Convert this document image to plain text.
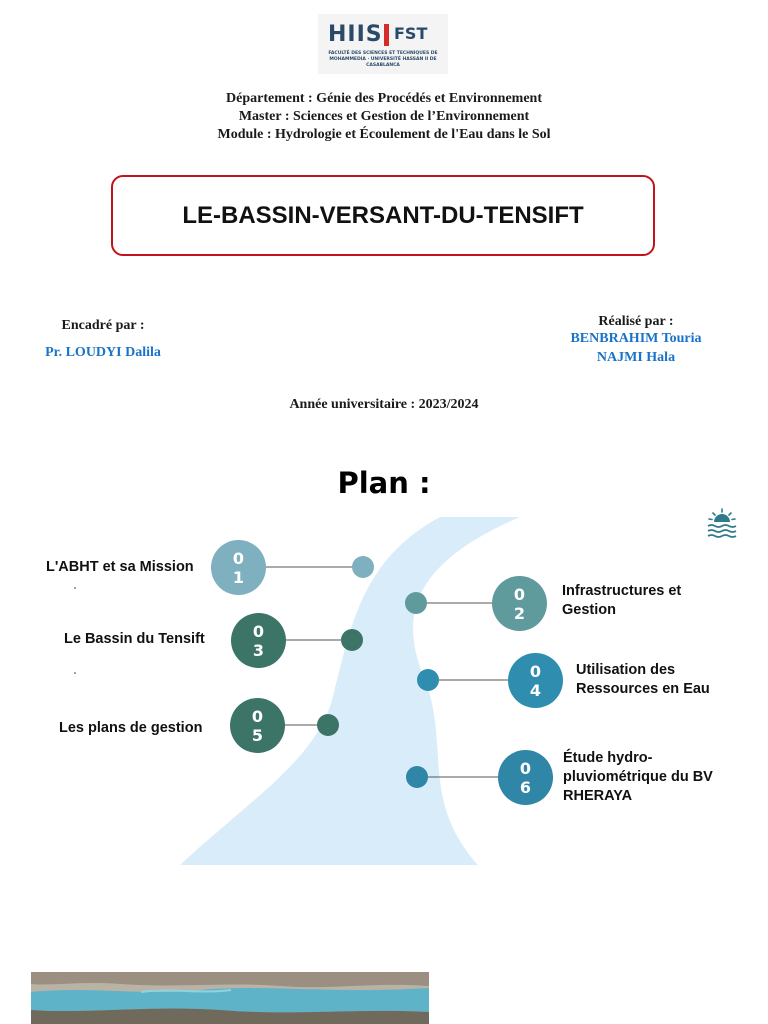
HIIS FST
FACULTÉ DES SCIENCES ET TECHNIQUES DE MOHAMMEDIA · UNIVERSITÉ HASSAN II DE CASABLANCA
Département : Génie des Procédés et Environnement
Master : Sciences et Gestion de l’Environnement
Module : Hydrologie et Écoulement de l'Eau dans le Sol
LE-BASSIN-VERSANT-DU-TENSIFT
Encadré par :
Pr. LOUDYI Dalila
Réalisé par :
BENBRAHIM Touria
NAJMI Hala
Année universitaire : 2023/2024
Plan :
0
1
0
2
0
3
0
4
0
5
0
6
L'ABHT et sa Mission
Infrastructures et
Gestion
Le Bassin du Tensift
Utilisation des
Ressources en Eau
Les plans de gestion
Étude hydro-
pluviométrique du BV
RHERAYA
